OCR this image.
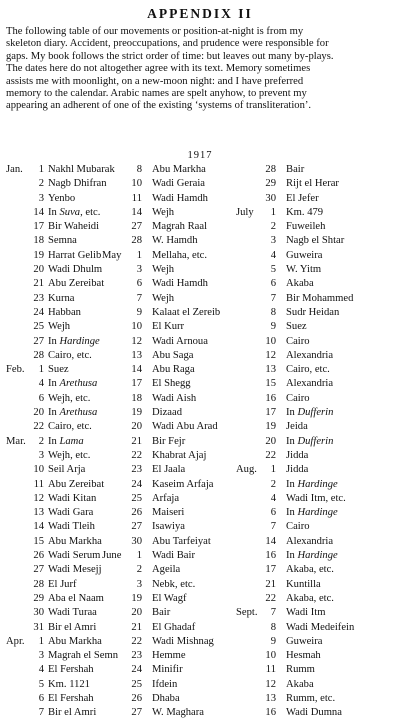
APPENDIX II
The following table of our movements or position-at-night is from my
skeleton diary. Accident, preoccupations, and prudence were responsible for
gaps. My book follows the strict order of time: but leaves out many by-plays.
The dates here do not altogether agree with its text. Memory sometimes
assists me with moonlight, on a new-moon night: and I have preferred
memory to the calendar. Arabic names are spelt anyhow, to prevent my
appearing an adherent of one of the existing ‘systems of transliteration’.
1917
Jan.	1 Nakhl Mubarak
2 Nagb Dhifran
3 Yenbo
14 In Suva, etc.
17 Bir Waheidi
18 Semna
19 Harrat Gelib
20 Wadi Dhulm
21 Abu Zereibat
23 Kurna
24 Habban
25 Wejh
27 In Hardinge
28 Cairo, etc.
Feb.	1 Suez
4 In Arethusa
6 Wejh, etc.
20 In Arethusa
22 Cairo, etc.
Mar.	2 In Lama
3 Wejh, etc.
10 Seil Arja
11 Abu Zereibat
12 Wadi Kitan
13 Wadi Gara
14 Wadi Tleih
15 Abu Markha
26 Wadi Serum
27 Wadi Mesejj
28 El Jurf
29 Aba el Naam
30 Wadi Turaa
31 Bir el Amri
Apr.	1 Abu Markha
3 Magrah el Semn
4 El Fershah
5 Km. 1121
6 El Fershah
7 Bir el Amri
8 Abu Markha
10 Wadi Geraia
11 Wadi Hamdh
14 Wejh
27 Magrah Raal
28 W. Hamdh
May	1 Mellaha, etc.
3 Wejh
6 Wadi Hamdh
7 Wejh
9 Kalaat el Zereib
10 El Kurr
12 Wadi Arnoua
13 Abu Saga
14 Abu Raga
17 El Shegg
18 Wadi Aish
19 Dizaad
20 Wadi Abu Arad
21 Bir Fejr
22 Khabrat Ajaj
23 El Jaala
24 Kaseim Arfaja
25 Arfaja
26 Maiseri
27 Isawiya
30 Abu Tarfeiyat
June	1 Wadi Bair
2 Ageila
3 Nebk, etc.
19 El Wagf
20 Bair
21 El Ghadaf
22 Wadi Mishnag
23 Hemme
24 Minifir
25 Ifdein
26 Dhaba
27 W. Maghara
28 Bair
29 Rijt el Herar
30 El Jefer
July	1 Km. 479
2 Fuweileh
3 Nagb el Shtar
4 Guweira
5 W. Yitm
6 Akaba
7 Bir Mohammed
8 Sudr Heidan
9 Suez
10 Cairo
12 Alexandria
13 Cairo, etc.
15 Alexandria
16 Cairo
17 In Dufferin
19 Jeida
20 In Dufferin
22 Jidda
Aug.	1 Jidda
2 In Hardinge
4 Wadi Itm, etc.
6 In Hardinge
7 Cairo
14 Alexandria
16 In Hardinge
17 Akaba, etc.
21 Kuntilla
22 Akaba, etc.
Sept.	7 Wadi Itm
8 Wadi Medeifein
9 Guweira
10 Hesmah
11 Rumm
12 Akaba
13 Rumm, etc.
16 Wadi Dumna
